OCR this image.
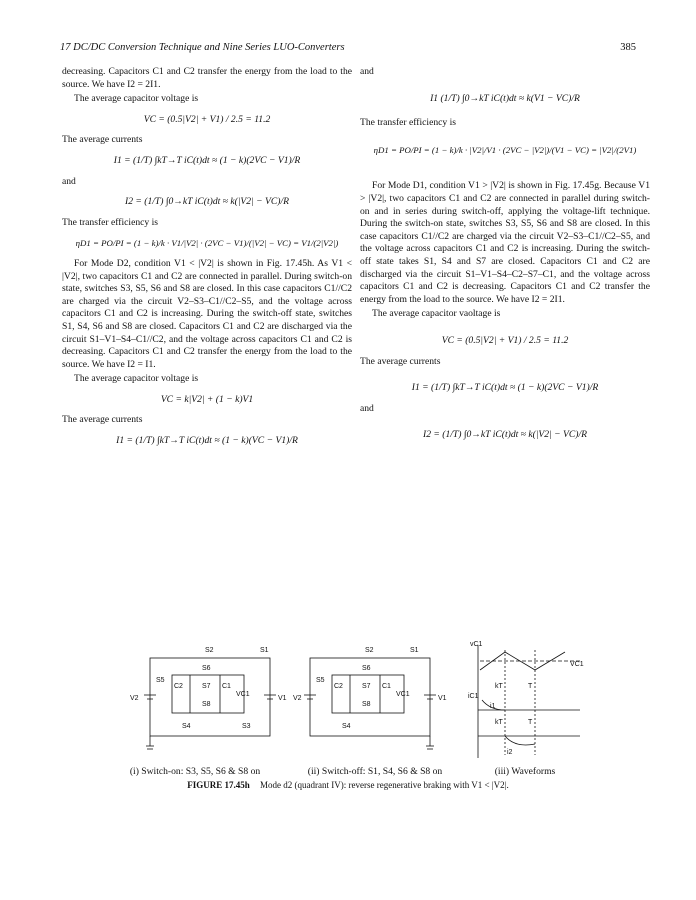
17 DC/DC Conversion Technique and Nine Series LUO-Converters	385

decreasing. Capacitors C1 and C2 transfer the energy from the load to the source. We have I2 = 2I1.

The average capacitor voltage is

VC = (0.5|V2| + V1) / 2.5 = 11.2

The average currents

I1 = (1/T) ∫kT→T iC(t)dt ≈ (1 − k)(2VC − V1)/R

and

I2 = (1/T) ∫0→kT iC(t)dt ≈ k(|V2| − VC)/R

The transfer efficiency is

ηD1 = PO/PI = (1 − k)/k · V1/|V2| · (2VC − V1)/(|V2| − VC) = V1/(2|V2|)

For Mode D2, condition V1 < |V2| is shown in Fig. 17.45h. As V1 < |V2|, two capacitors C1 and C2 are connected in parallel. During switch-on state, switches S3, S5, S6 and S8 are closed. In this case capacitors C1//C2 are charged via the circuit V2–S3–C1//C2–S5, and the voltage across capacitors C1 and C2 is increasing. During the switch-off state, switches S1, S4, S6 and S8 are closed. Capacitors C1 and C2 are discharged via the circuit S1–V1–S4–C1//C2, and the voltage across capacitors C1 and C2 is decreasing. Capacitors C1 and C2 transfer the energy from the load to the source. We have I2 = I1.

The average capacitor voltage is

VC = k|V2| + (1 − k)V1

The average currents

I1 = (1/T) ∫kT→T iC(t)dt ≈ (1 − k)(VC − V1)/R

and

I1 (1/T) ∫0→kT iC(t)dt ≈ k(V1 − VC)/R

The transfer efficiency is

ηD1 = PO/PI = (1 − k)/k · |V2|/V1 · (2VC − |V2|)/(V1 − VC) = |V2|/(2V1)

For Mode D1, condition V1 > |V2| is shown in Fig. 17.45g. Because V1 > |V2|, two capacitors C1 and C2 are connected in parallel during switch-on and in series during switch-off, applying the voltage-lift technique. During the switch-on state, switches S3, S5, S6 and S8 are closed. In this case capacitors C1//C2 are charged via the circuit V2–S3–C1//C2–S5, and the voltage across capacitors C1 and C2 is increasing. During the switch-off state takes S1, S4 and S7 are closed. Capacitors C1 and C2 are discharged via the circuit S1–V1–S4–C2–S7–C1, and the voltage across capacitors C1 and C2 is decreasing. Capacitors C1 and C2 transfer the energy from the load to the source. We have I2 = 2I1.

The average capacitor vaoltage is

VC = (0.5|V2| + V1) / 2.5 = 11.2

The average currents

I1 = (1/T) ∫kT→T iC(t)dt ≈ (1 − k)(2VC − V1)/R

and

I2 = (1/T) ∫0→kT iC(t)dt ≈ k(|V2| − VC)/R
V2
S2	S1
S6
S5
C2	S7 C1
VC1
S8
S4	S3
V1 V2
S2	S1
S6
S5
C2	S7 C1
VC1
S8
S4
V1
vC1
VC1
iC1
kT	T
i1
kT	T
i2
(i) Switch-on: S3, S5, S6 & S8 on	(ii) Switch-off: S1, S4, S6 & S8 on	(iii) Waveforms
FIGURE 17.45h Mode d2 (quadrant IV): reverse regenerative braking with V1 < |V2|.
